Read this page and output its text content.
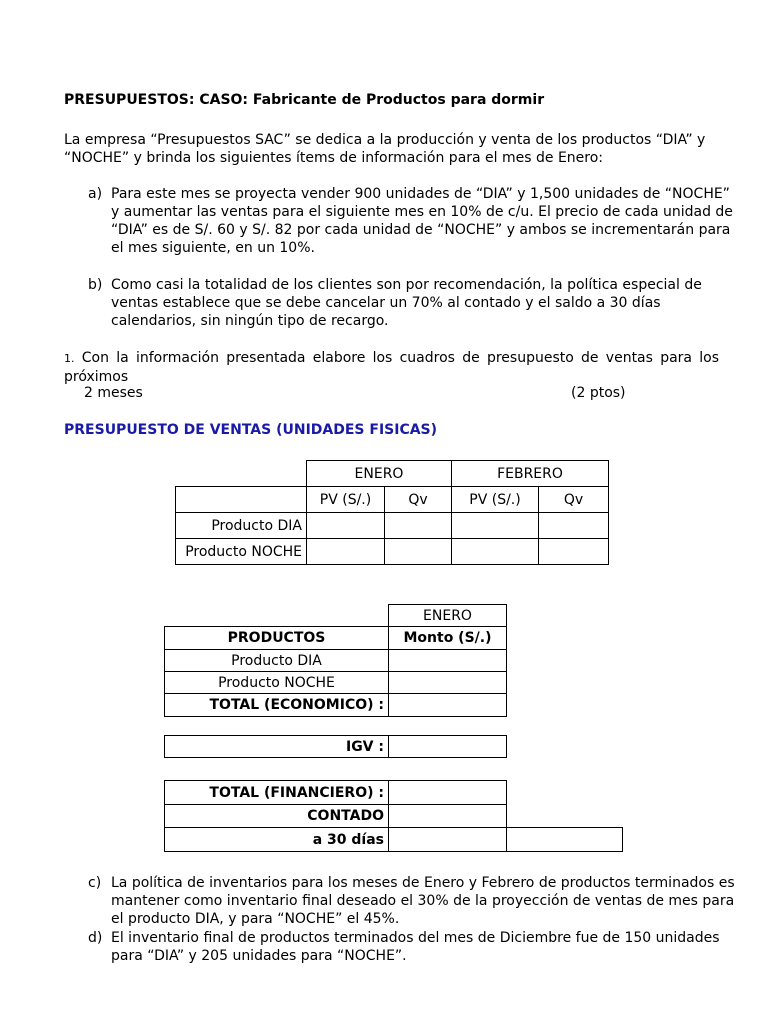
PRESUPUESTOS: CASO: Fabricante de Productos para dormir
La empresa “Presupuestos SAC” se dedica a la producción y venta de los productos “DIA” y
“NOCHE” y brinda los siguientes ítems de información para el mes de Enero:
a) Para este mes se proyecta vender 900 unidades de “DIA” y 1,500 unidades de “NOCHE”
y aumentar las ventas para el siguiente mes en 10% de c/u. El precio de cada unidad de
“DIA” es de S/. 60 y S/. 82 por cada unidad de “NOCHE” y ambos se incrementarán para
el mes siguiente, en un 10%.
b) Como casi la totalidad de los clientes son por recomendación, la política especial de
ventas establece que se debe cancelar un 70% al contado y el saldo a 30 días
calendarios, sin ningún tipo de recargo.
1. Con la información presentada elabore los cuadros de presupuesto de ventas para los
próximos
2 meses	(2 ptos)
PRESUPUESTO DE VENTAS (UNIDADES FISICAS)
	ENERO		FEBRERO	
	PV (S/.)	Qv	PV (S/.)	Qv
Producto DIA				
Producto NOCHE				
	ENERO
PRODUCTOS	Monto (S/.)
Producto DIA	
Producto NOCHE	
TOTAL (ECONOMICO) :	
IGV :	
TOTAL (FINANCIERO) :		
CONTADO		
a 30 días		
c) La política de inventarios para los meses de Enero y Febrero de productos terminados es
mantener como inventario final deseado el 30% de la proyección de ventas de mes para
el producto DIA, y para “NOCHE” el 45%.
d) El inventario final de productos terminados del mes de Diciembre fue de 150 unidades
para “DIA” y 205 unidades para “NOCHE”.
